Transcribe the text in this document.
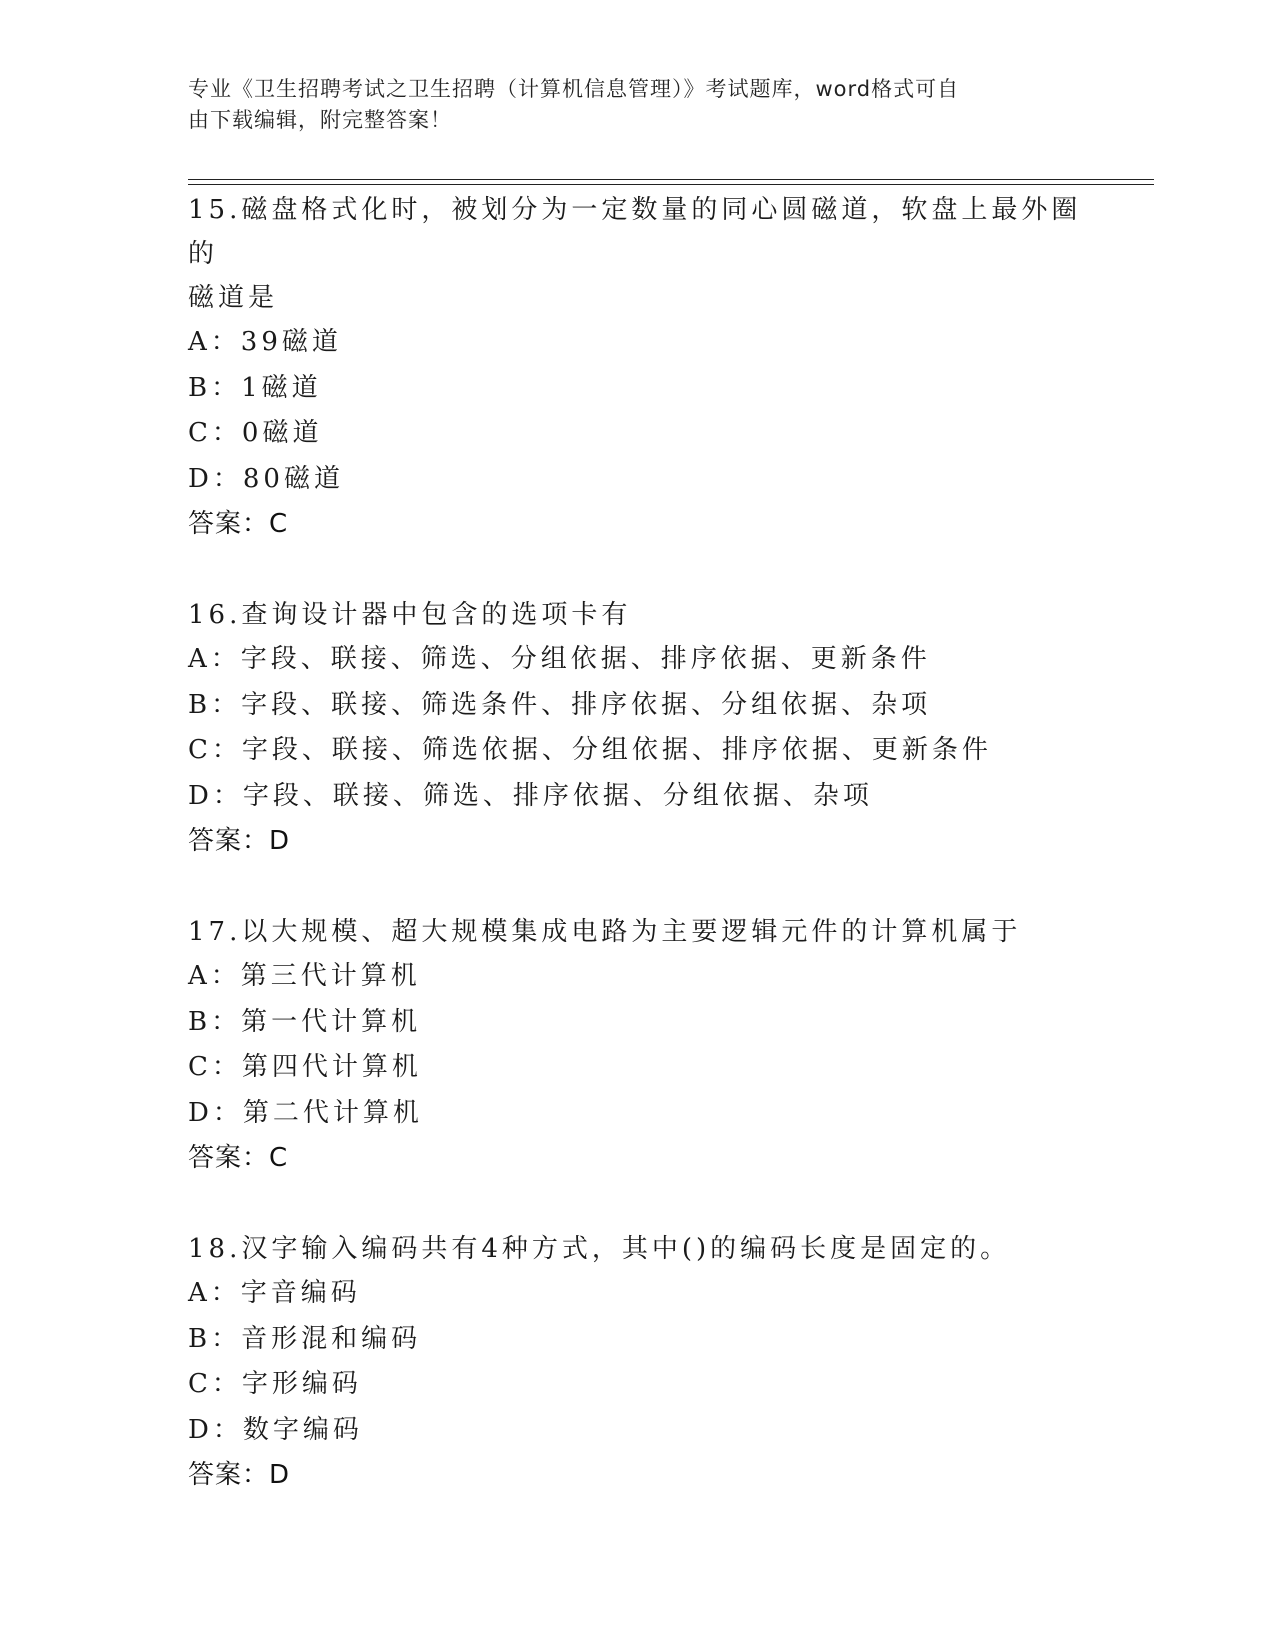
专业《卫生招聘考试之卫生招聘（计算机信息管理）》考试题库，word格式可自
由下载编辑，附完整答案！

15.磁盘格式化时，被划分为一定数量的同心圆磁道，软盘上最外圈的

磁道是

A： 39磁道
B： 1磁道
C： 0磁道
D： 80磁道

答案：C

16.查询设计器中包含的选项卡有

A： 字段、联接、筛选、分组依据、排序依据、更新条件
B： 字段、联接、筛选条件、排序依据、分组依据、杂项
C： 字段、联接、筛选依据、分组依据、排序依据、更新条件
D： 字段、联接、筛选、排序依据、分组依据、杂项

答案：D

17.以大规模、超大规模集成电路为主要逻辑元件的计算机属于

A： 第三代计算机
B： 第一代计算机
C： 第四代计算机
D： 第二代计算机

答案：C

18.汉字输入编码共有4种方式，其中()的编码长度是固定的。

A： 字音编码
B： 音形混和编码
C： 字形编码
D： 数字编码

答案：D
